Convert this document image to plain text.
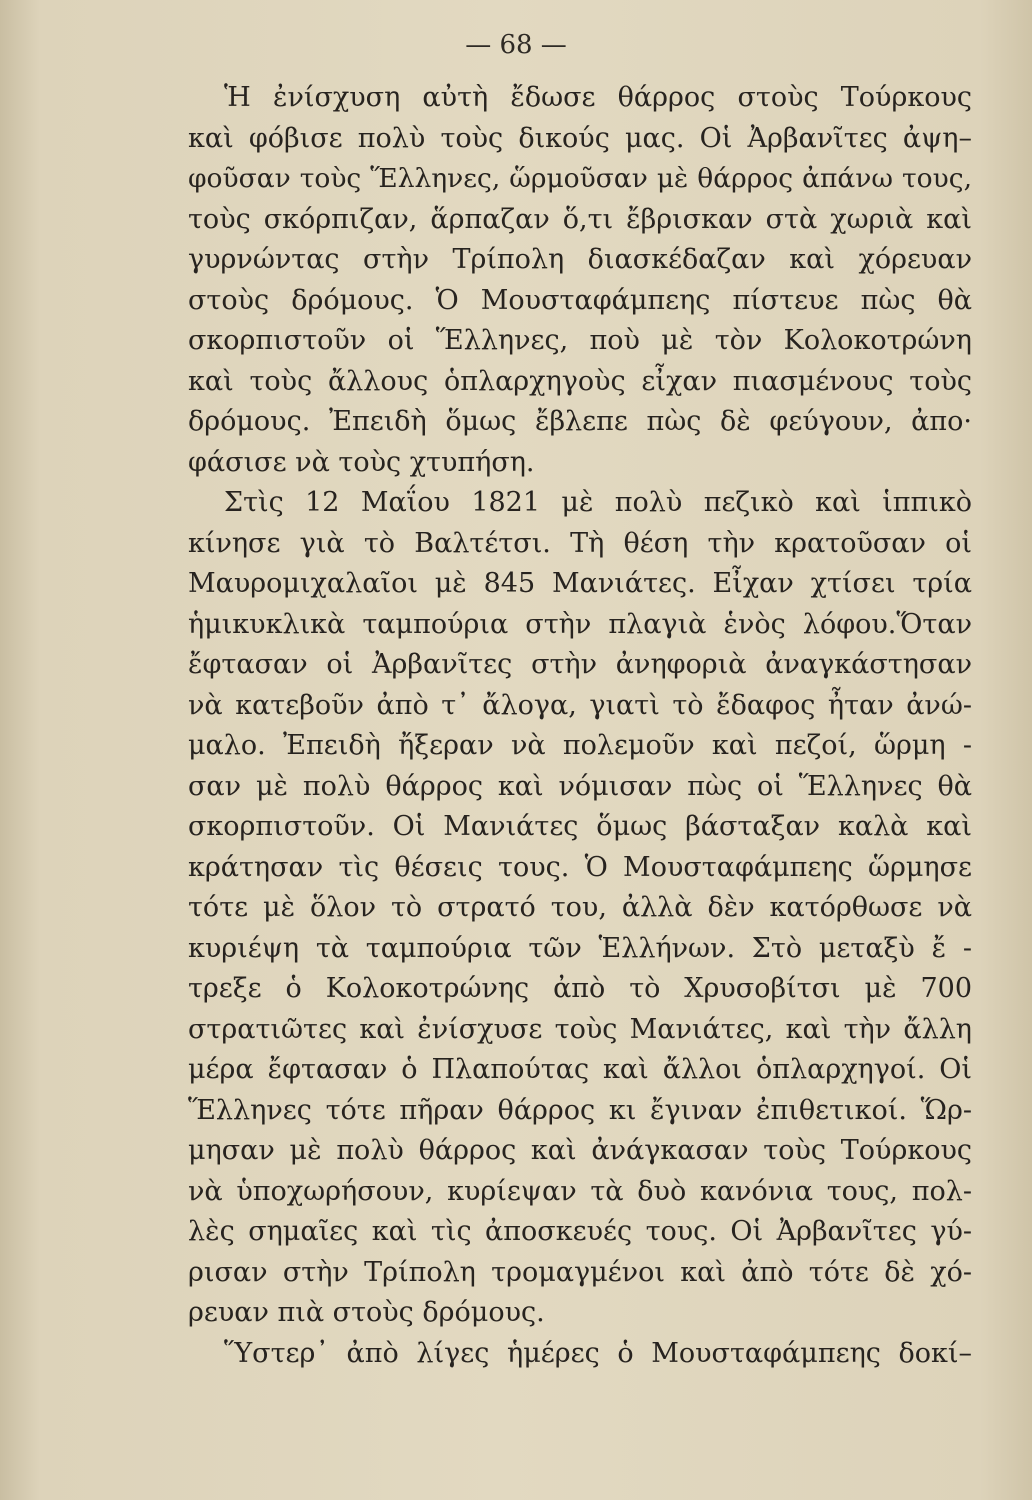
— 68 —
Ἡ ἐνίσχυση αὐτὴ ἔδωσε θάρρος στοὺς Τούρκους
καὶ φόβισε πολὺ τοὺς δικούς μας. Οἱ Ἀρβανῖτες ἀψη–
φοῦσαν τοὺς Ἕλληνες, ὥρμοῦσαν μὲ θάρρος ἀπάνω τους,
τοὺς σκόρπιζαν, ἅρπαζαν ὅ,τι ἔβρισκαν στὰ χωριὰ καὶ
γυρνώντας στὴν Τρίπολη διασκέδαζαν καὶ χόρευαν
στοὺς δρόμους. Ὁ Μουσταφάμπεης πίστευε πὼς θὰ
σκορπιστοῦν οἱ Ἕλληνες, ποὺ μὲ τὸν Κολοκοτρώνη
καὶ τοὺς ἄλλους ὁπλαρχηγοὺς εἶχαν πιασμένους τοὺς
δρόμους. Ἐπειδὴ ὅμως ἔβλεπε πὼς δὲ φεύγουν, ἀπο·
φάσισε νὰ τοὺς χτυπήση.
Στὶς 12 Μαΐου 1821 μὲ πολὺ πεζικὸ καὶ ἱππικὸ
κίνησε γιὰ τὸ Βαλτέτσι. Τὴ θέση τὴν κρατοῦσαν οἱ
Μαυρομιχαλαῖοι μὲ 845 Μανιάτες. Εἶχαν χτίσει τρία
ἡμικυκλικὰ ταμπούρια στὴν πλαγιὰ ἑνὸς λόφου.Ὅταν
ἔφτασαν οἱ Ἀρβανῖτες στὴν ἀνηφοριὰ ἀναγκάστησαν
νὰ κατεβοῦν ἀπὸ τ᾽ ἄλογα, γιατὶ τὸ ἔδαφος ἦταν ἀνώ-
μαλο. Ἐπειδὴ ἤξεραν νὰ πολεμοῦν καὶ πεζοί, ὥρμη -
σαν μὲ πολὺ θάρρος καὶ νόμισαν πὼς οἱ Ἕλληνες θὰ
σκορπιστοῦν. Οἱ Μανιάτες ὅμως βάσταξαν καλὰ καὶ
κράτησαν τὶς θέσεις τους. Ὁ Μουσταφάμπεης ὥρμησε
τότε μὲ ὅλον τὸ στρατό του, ἀλλὰ δὲν κατόρθωσε νὰ
κυριέψη τὰ ταμπούρια τῶν Ἑλλήνων. Στὸ μεταξὺ ἔ -
τρεξε ὁ Κολοκοτρώνης ἀπὸ τὸ Χρυσοβίτσι μὲ 700
στρατιῶτες καὶ ἐνίσχυσε τοὺς Μανιάτες, καὶ τὴν ἄλλη
μέρα ἔφτασαν ὁ Πλαπούτας καὶ ἄλλοι ὁπλαρχηγοί. Οἱ
Ἕλληνες τότε πῆραν θάρρος κι ἔγιναν ἐπιθετικοί. Ὥρ-
μησαν μὲ πολὺ θάρρος καὶ ἀνάγκασαν τοὺς Τούρκους
νὰ ὑποχωρήσουν, κυρίεψαν τὰ δυὸ κανόνια τους, πολ-
λὲς σημαῖες καὶ τὶς ἀποσκευές τους. Οἱ Ἀρβανῖτες γύ-
ρισαν στὴν Τρίπολη τρομαγμένοι καὶ ἀπὸ τότε δὲ χό-
ρευαν πιὰ στοὺς δρόμους.
Ὕστερ᾽ ἀπὸ λίγες ἡμέρες ὁ Μουσταφάμπεης δοκί–
